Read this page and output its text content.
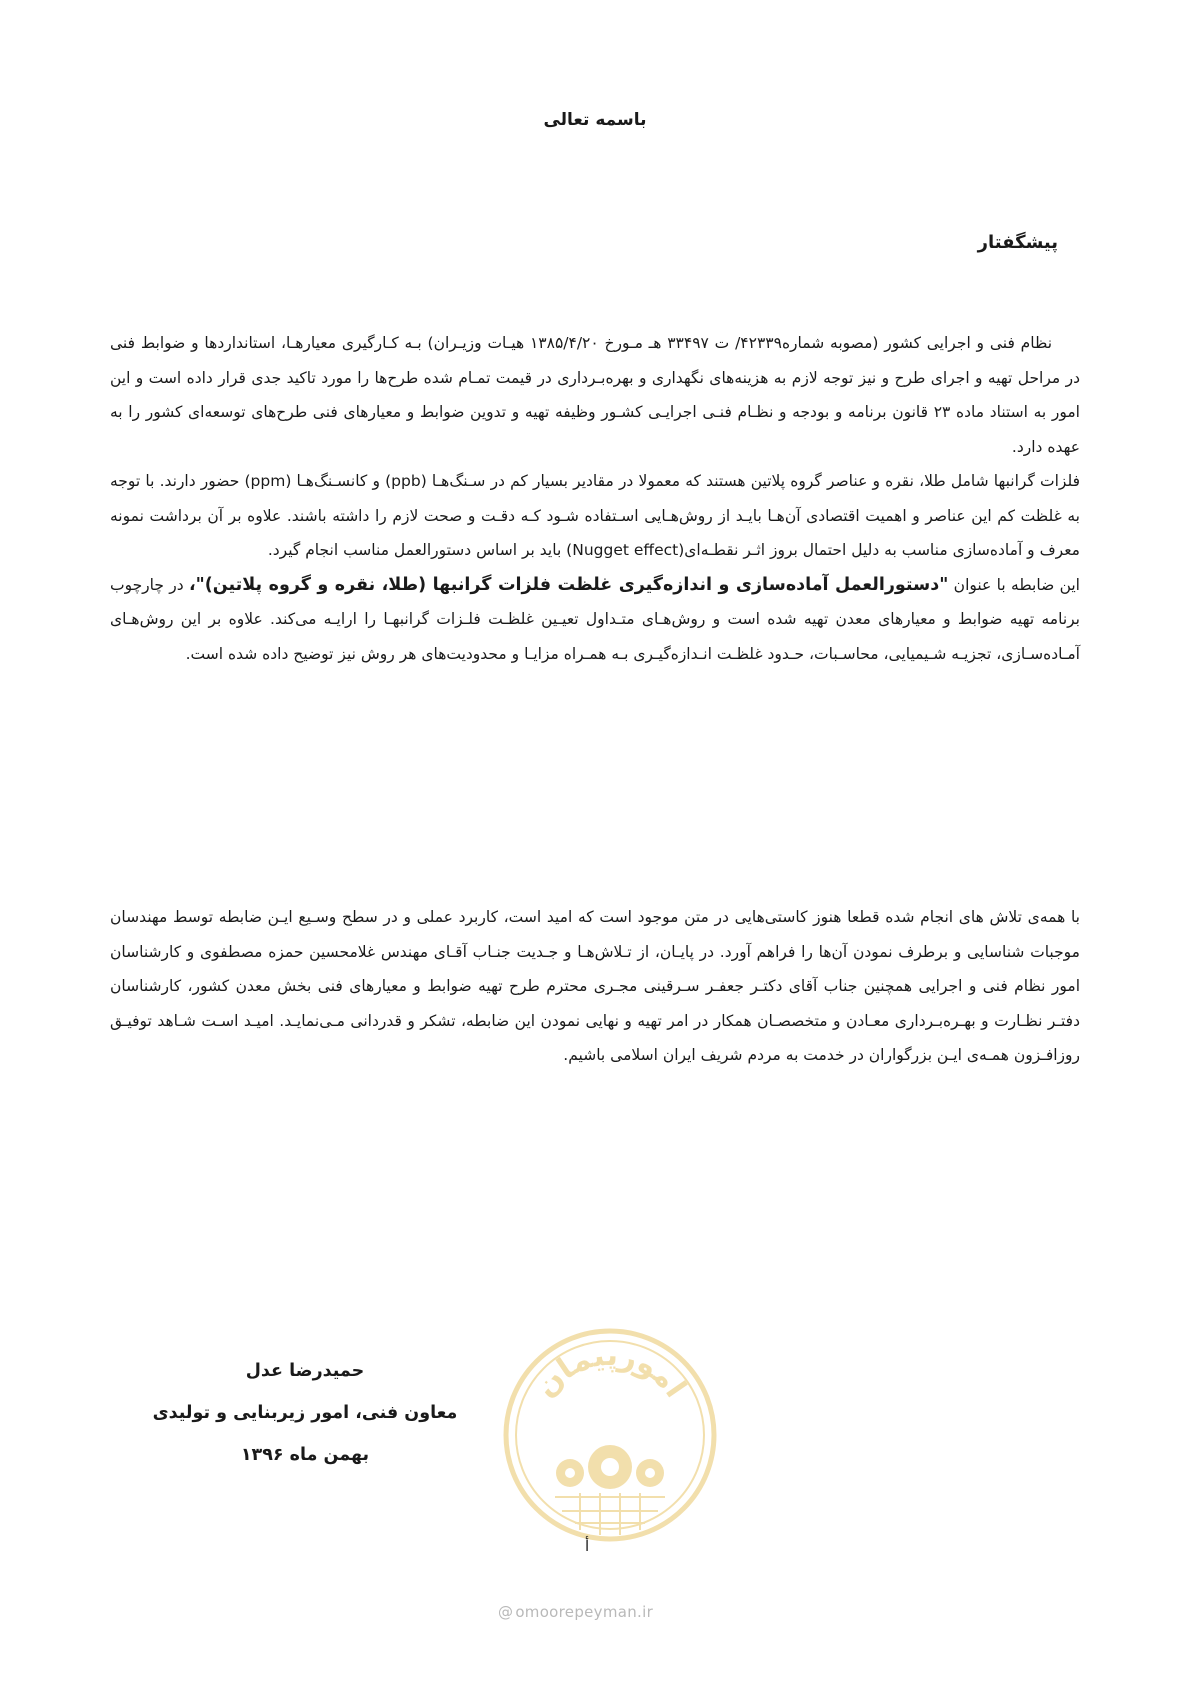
باسمه تعالی
پیشگفتار

نظام فنی و اجرایی کشور (مصوبه شماره۴۲۳۳۹/ ت ۳۳۴۹۷ هـ مـورخ ۱۳۸۵/۴/۲۰ هیـات وزیـران) بـه کـارگیری معیارهـا، استانداردها و ضوابط فنی در مراحل تهیه و اجرای طرح و نیز توجه لازم به هزینه‌های نگهداری و بهره‌بـرداری در قیمت تمـام شده طرح‌ها را مورد تاکید جدی قرار داده است و این امور به استناد ماده ۲۳ قانون برنامه و بودجه و نظـام فنـی اجرایـی کشـور وظیفه تهیه و تدوین ضوابط و معیارهای فنی طرح‌های توسعه‌ای کشور را به عهده دارد.

فلزات گرانبها شامل طلا، نقره و عناصر گروه پلاتین هستند که معمولا در مقادیر بسیار کم در سـنگ‌هـا (ppb) و کانسـنگ‌هـا (ppm) حضور دارند. با توجه به غلظت کم این عناصر و اهمیت اقتصادی آن‌هـا بایـد از روش‌هـایی اسـتفاده شـود کـه دقـت و صحت لازم را داشته باشند. علاوه بر آن برداشت نمونه معرف و آماده‌سازی مناسب به دلیل احتمال بروز اثـر نقطـه‌ای(Nugget effect) باید بر اساس دستورالعمل مناسب انجام گیرد.

این ضابطه با عنوان "دستورالعمل آماده‌سازی و اندازه‌گیری غلظت فلزات گرانبها (طلا، نقره و گروه پلاتین)"، در چارچوب برنامه تهیه ضوابط و معیارهای معدن تهیه شده است و روش‌هـای متـداول تعیـین غلظـت فلـزات گرانبهـا را ارایـه می‌کند. علاوه بر این روش‌هـای آمـاده‌سـازی، تجزیـه شـیمیایی، محاسـبات، حـدود غلظـت انـدازه‌گیـری بـه همـراه مزایـا و محدودیت‌های هر روش نیز توضیح داده شده است.

با همه‌ی تلاش های انجام شده قطعا هنوز کاستی‌هایی در متن موجود است که امید است، کاربرد عملی و در سطح وسـیع ایـن ضابطه توسط مهندسان موجبات شناسایی و برطرف نمودن آن‌ها را فراهم آورد. در پایـان، از تـلاش‌هـا و جـدیت جنـاب آقـای مهندس غلامحسین حمزه مصطفوی و کارشناسان امور نظام فنی و اجرایی همچنین جناب آقای دکتـر جعفـر سـرقینی مجـری محترم طرح تهیه ضوابط و معیارهای فنی بخش معدن کشور، کارشناسان دفتـر نظـارت و بهـره‌بـرداری معـادن و متخصصـان همکار در امر تهیه و نهایی نمودن این ضابطه، تشکر و قدردانی مـی‌نمایـد. امیـد اسـت شـاهد توفیـق روزافـزون همـه‌ی ایـن بزرگواران در خدمت به مردم شریف ایران اسلامی باشیم.

امورپیمان
حمیدرضا عدل
معاون فنی، امور زیربنایی و تولیدی
بهمن ماه ۱۳۹۶
أ
@ omoorepeyman.ir
